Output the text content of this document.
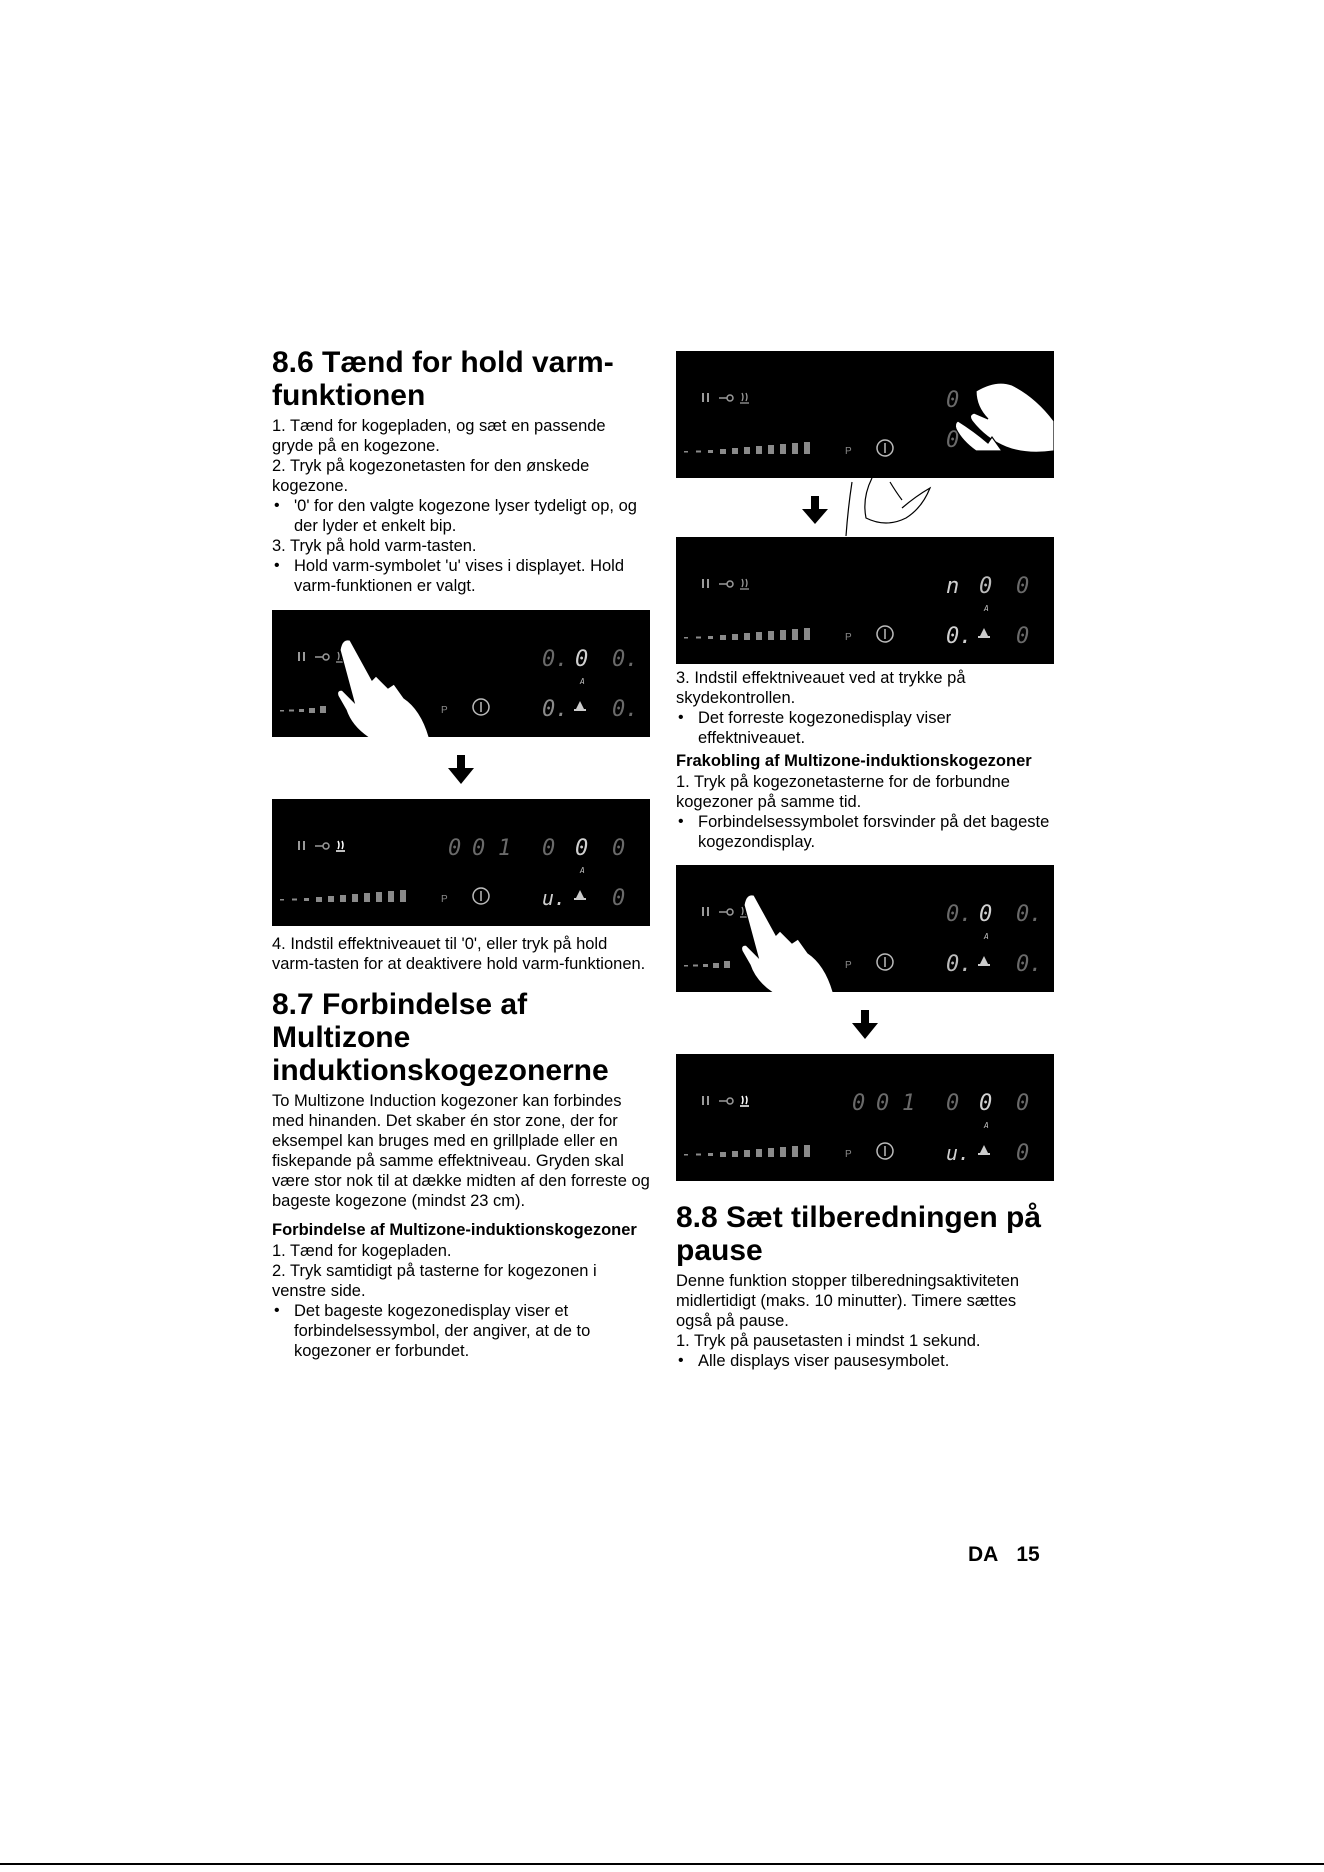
8.6 Tænd for hold varm-funktionen
1. Tænd for kogepladen, og sæt en passende gryde på en kogezone.
2. Tryk på kogezonetasten for den ønskede kogezone.
• '0' for den valgte kogezone lyser tydeligt op, og der lyder et enkelt bip.
3. Tryk på hold varm-tasten.
• Hold varm-symbolet 'u' vises i displayet. Hold varm-funktionen er valgt.
P
0. 0 0.
A
0. 0.
P
0 0 1 0 0 0
A
u. 0
4. Indstil effektniveauet til '0', eller tryk på hold varm-tasten for at deaktivere hold varm-funktionen.
8.7 Forbindelse af Multizone induktionskogezonerne

To Multizone Induction kogezoner kan forbindes med hinanden. Det skaber én stor zone, der for eksempel kan bruges med en grillplade eller en fiskepande på samme effektniveau. Gryden skal være stor nok til at dække midten af den forreste og bageste kogezone (mindst 23 cm).

Forbindelse af Multizone-induktionskogezoner
1. Tænd for kogepladen.
2. Tryk samtidigt på tasterne for kogezonen i venstre side.
• Det bageste kogezonedisplay viser et forbindelsessymbol, der angiver, at de to kogezoner er forbundet.
P
0
0
P
n 0 0
A
0. 0
3. Indstil effektniveauet ved at trykke på skydekontrollen.
• Det forreste kogezonedisplay viser effektniveauet.
Frakobling af Multizone-induktionskogezoner
1. Tryk på kogezonetasterne for de forbundne kogezoner på samme tid.
• Forbindelsessymbolet forsvinder på det bageste kogezondisplay.
P
0. 0 0.
A
0. 0.
P
0 0 1 0 0 0
A
u. 0
8.8 Sæt tilberedningen på pause

Denne funktion stopper tilberedningsaktiviteten midlertidigt (maks. 10 minutter). Timere sættes også på pause.

1. Tryk på pausetasten i mindst 1 sekund.
• Alle displays viser pausesymbolet.
DA 15
